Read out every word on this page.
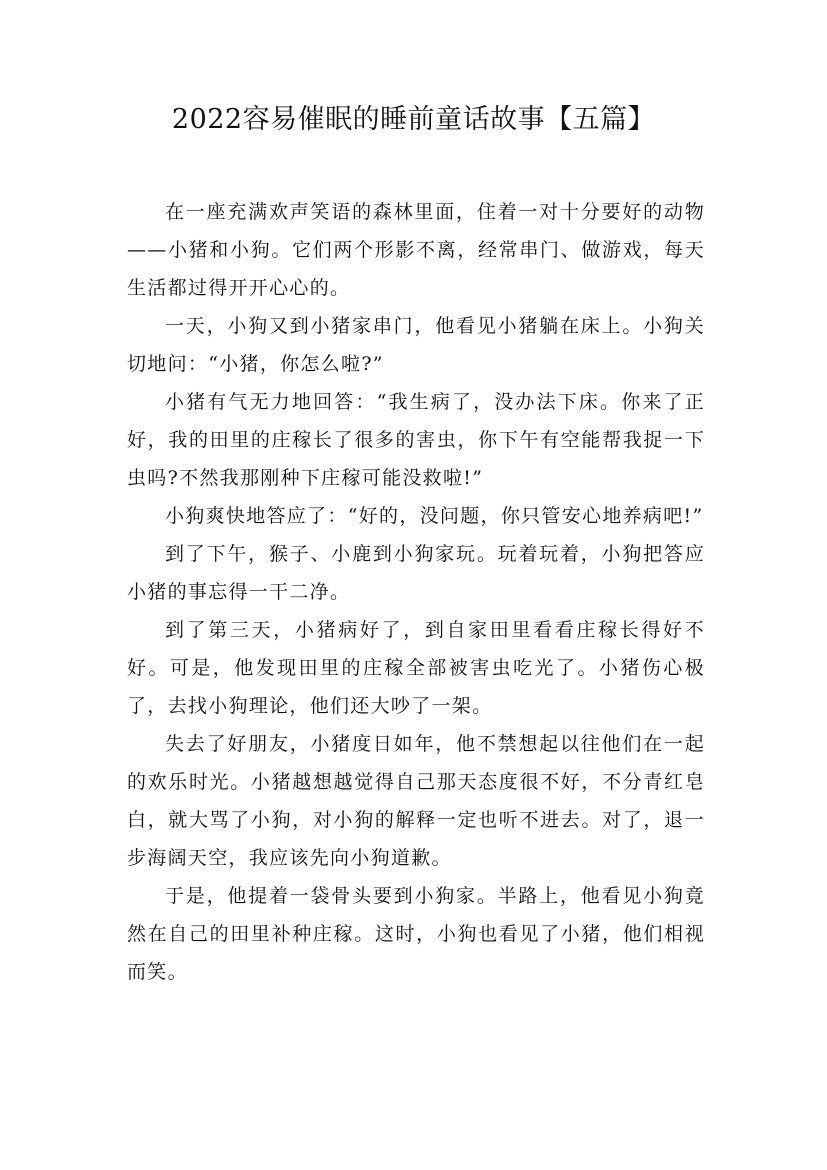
2022容易催眠的睡前童话故事【五篇】

在一座充满欢声笑语的森林里面，住着一对十分要好的动物——小猪和小狗。它们两个形影不离，经常串门、做游戏，每天生活都过得开开心心的。

一天，小狗又到小猪家串门，他看见小猪躺在床上。小狗关切地问：“小猪，你怎么啦?”

小猪有气无力地回答：“我生病了，没办法下床。你来了正好，我的田里的庄稼长了很多的害虫，你下午有空能帮我捉一下虫吗?不然我那刚种下庄稼可能没救啦!”

小狗爽快地答应了：“好的，没问题，你只管安心地养病吧!”

到了下午，猴子、小鹿到小狗家玩。玩着玩着，小狗把答应小猪的事忘得一干二净。

到了第三天，小猪病好了，到自家田里看看庄稼长得好不好。可是，他发现田里的庄稼全部被害虫吃光了。小猪伤心极了，去找小狗理论，他们还大吵了一架。

失去了好朋友，小猪度日如年，他不禁想起以往他们在一起的欢乐时光。小猪越想越觉得自己那天态度很不好，不分青红皂白，就大骂了小狗，对小狗的解释一定也听不进去。对了，退一步海阔天空，我应该先向小狗道歉。

于是，他提着一袋骨头要到小狗家。半路上，他看见小狗竟然在自己的田里补种庄稼。这时，小狗也看见了小猪，他们相视而笑。
